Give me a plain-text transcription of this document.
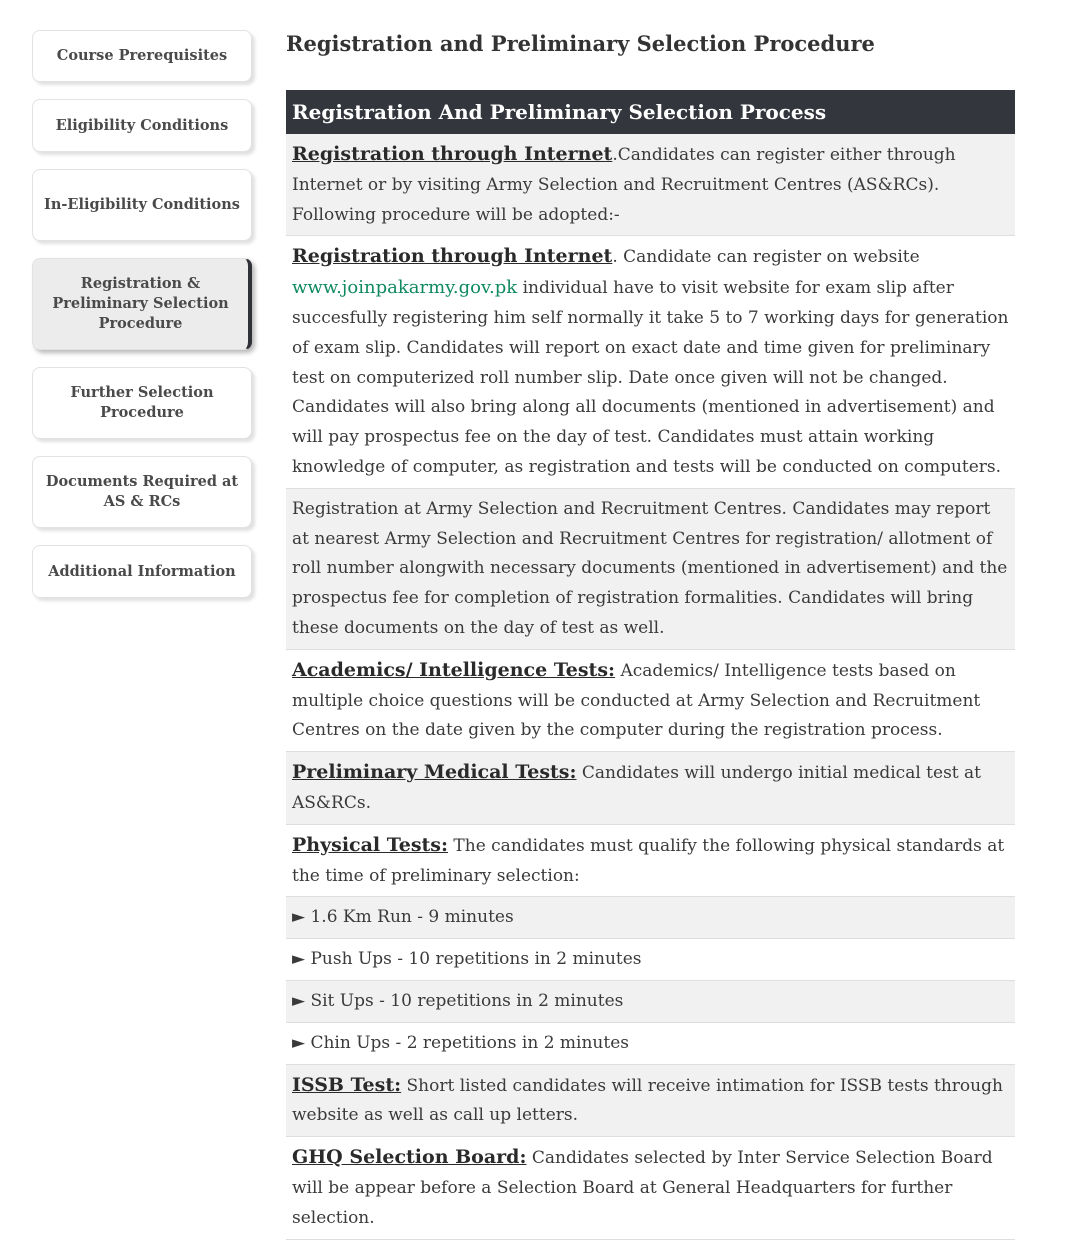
Course Prerequisites
Eligibility Conditions
In-Eligibility Conditions
Registration & Preliminary Selection Procedure
Further Selection Procedure
Documents Required at AS & RCs
Additional Information
Registration and Preliminary Selection Procedure
Registration And Preliminary Selection Process
Registration through Internet.Candidates can register either through Internet or by visiting Army Selection and Recruitment Centres (AS&RCs). Following procedure will be adopted:-
Registration through Internet. Candidate can register on website www.joinpakarmy.gov.pk individual have to visit website for exam slip after succesfully registering him self normally it take 5 to 7 working days for generation of exam slip. Candidates will report on exact date and time given for preliminary test on computerized roll number slip. Date once given will not be changed. Candidates will also bring along all documents (mentioned in advertisement) and will pay prospectus fee on the day of test. Candidates must attain working knowledge of computer, as registration and tests will be conducted on computers.
Registration at Army Selection and Recruitment Centres. Candidates may report at nearest Army Selection and Recruitment Centres for registration/ allotment of roll number alongwith necessary documents (mentioned in advertisement) and the prospectus fee for completion of registration formalities. Candidates will bring these documents on the day of test as well.
Academics/ Intelligence Tests: Academics/ Intelligence tests based on multiple choice questions will be conducted at Army Selection and Recruitment Centres on the date given by the computer during the registration process.
Preliminary Medical Tests: Candidates will undergo initial medical test at AS&RCs.
Physical Tests: The candidates must qualify the following physical standards at the time of preliminary selection:
► 1.6 Km Run - 9 minutes
► Push Ups - 10 repetitions in 2 minutes
► Sit Ups - 10 repetitions in 2 minutes
► Chin Ups - 2 repetitions in 2 minutes
ISSB Test: Short listed candidates will receive intimation for ISSB tests through website as well as call up letters.
GHQ Selection Board: Candidates selected by Inter Service Selection Board will be appear before a Selection Board at General Headquarters for further selection.
